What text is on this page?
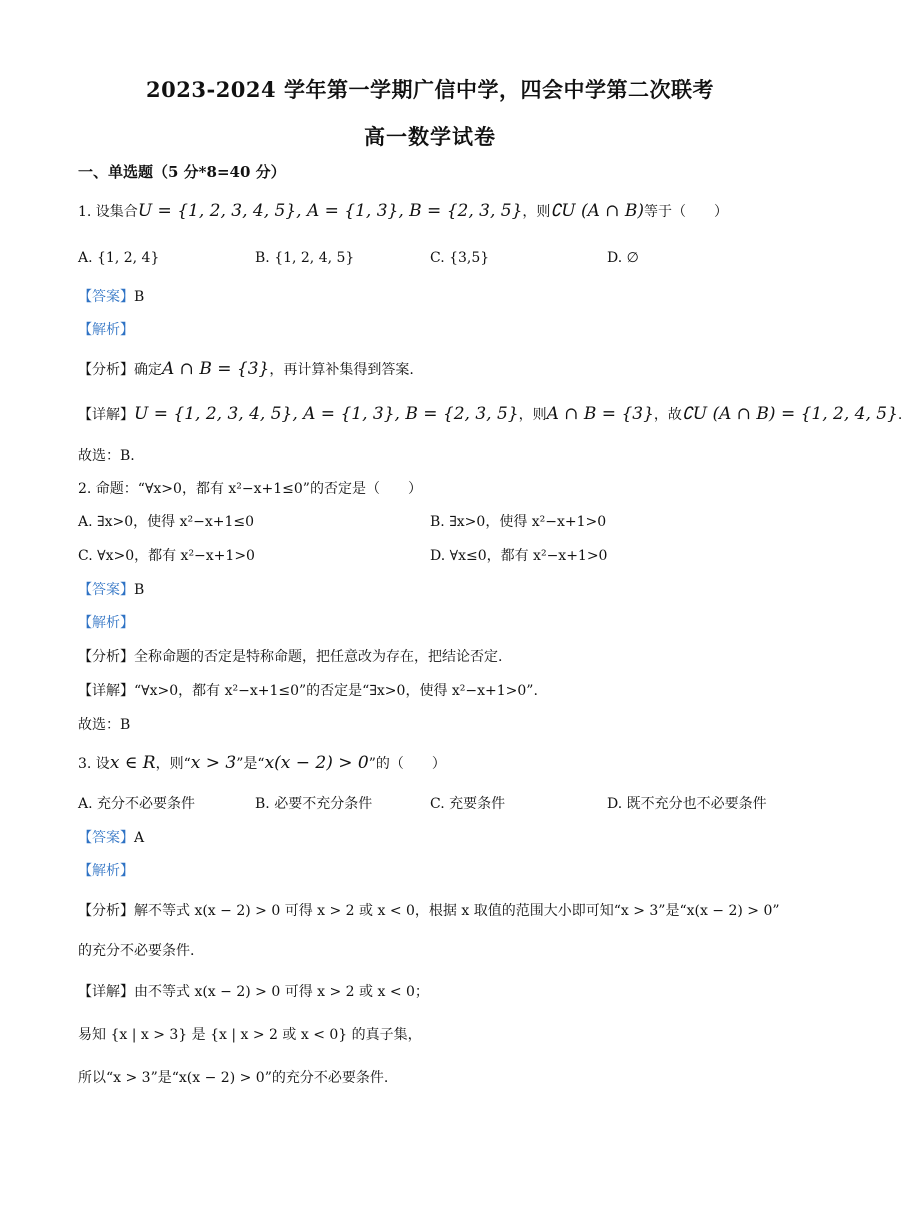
2023-2024 学年第一学期广信中学，四会中学第二次联考
高一数学试卷
一、单选题（5 分*8=40 分）
1. 设集合U = {1, 2, 3, 4, 5}, A = {1, 3}, B = {2, 3, 5}，则∁U (A ∩ B)等于（　　）
A. {1, 2, 4}	B. {1, 2, 4, 5}	C. {3,5}	D. ∅
【答案】B
【解析】
【分析】确定A ∩ B = {3}，再计算补集得到答案.
【详解】U = {1, 2, 3, 4, 5}, A = {1, 3}, B = {2, 3, 5}，则A ∩ B = {3}，故∁U (A ∩ B) = {1, 2, 4, 5}.
故选：B.
2. 命题：“∀x>0，都有 x²−x+1≤0”的否定是（　　）
A. ∃x>0，使得 x²−x+1≤0	B. ∃x>0，使得 x²−x+1>0
C. ∀x>0，都有 x²−x+1>0	D. ∀x≤0，都有 x²−x+1>0
【答案】B
【解析】
【分析】全称命题的否定是特称命题，把任意改为存在，把结论否定.
【详解】“∀x>0，都有 x²−x+1≤0”的否定是“∃x>0，使得 x²−x+1>0”.
故选：B
3. 设x ∈ R，则“x > 3”是“x(x − 2) > 0”的（　　）
A. 充分不必要条件	B. 必要不充分条件	C. 充要条件	D. 既不充分也不必要条件
【答案】A
【解析】
【分析】解不等式 x(x − 2) > 0 可得 x > 2 或 x < 0，根据 x 取值的范围大小即可知“x > 3”是“x(x − 2) > 0”
的充分不必要条件.
【详解】由不等式 x(x − 2) > 0 可得 x > 2 或 x < 0；
易知 {x | x > 3} 是 {x | x > 2 或 x < 0} 的真子集，
所以“x > 3”是“x(x − 2) > 0”的充分不必要条件.
